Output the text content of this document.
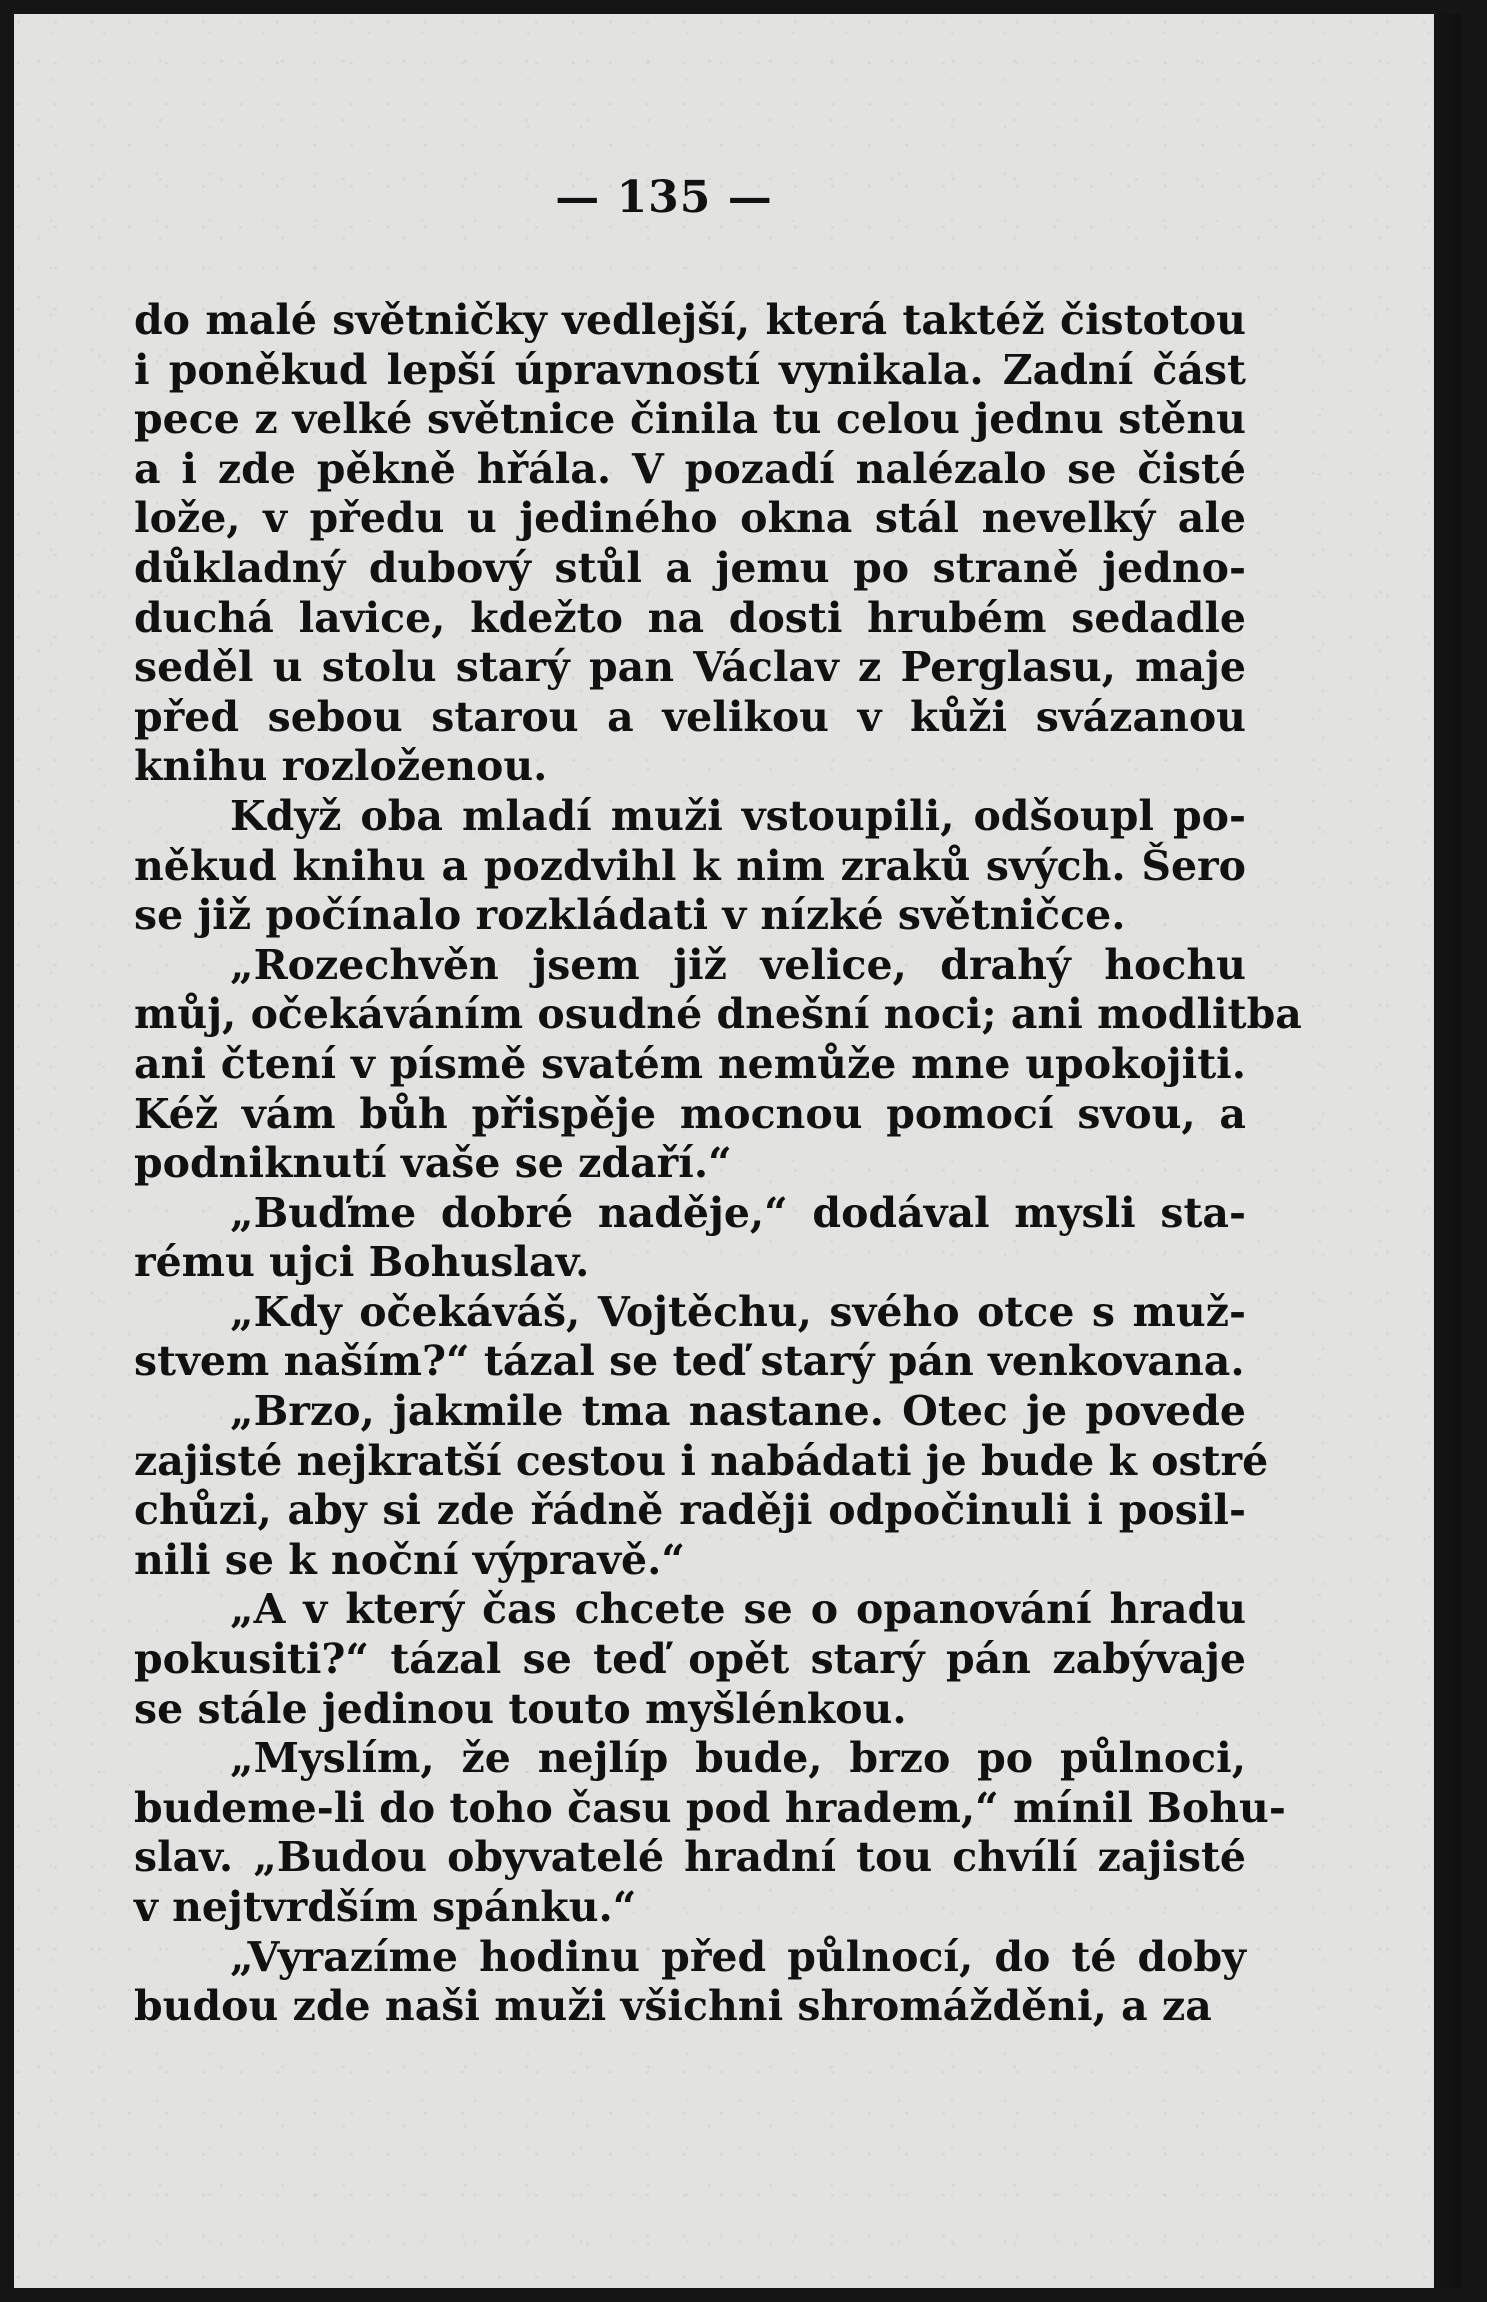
— 135 —
do malé světničky vedlejší, která taktéž čistotou
i poněkud lepší úpravností vynikala. Zadní část
pece z velké světnice činila tu celou jednu stěnu
a i zde pěkně hřála. V pozadí nalézalo se čisté
lože, v předu u jediného okna stál nevelký ale
důkladný dubový stůl a jemu po straně jedno-
duchá lavice, kdežto na dosti hrubém sedadle
seděl u stolu starý pan Václav z Perglasu, maje
před sebou starou a velikou v kůži svázanou
knihu rozloženou.
Když oba mladí muži vstoupili, odšoupl po-
někud knihu a pozdvihl k nim zraků svých. Šero
se již počínalo rozkládati v nízké světničce.
„Rozechvěn jsem již velice, drahý hochu
můj, očekáváním osudné dnešní noci; ani modlitba
ani čtení v písmě svatém nemůže mne upokojiti.
Kéž vám bůh přispěje mocnou pomocí svou, a
podniknutí vaše se zdaří.“
„Buďme dobré naděje,“ dodával mysli sta-
rému ujci Bohuslav.
„Kdy očekáváš, Vojtěchu, svého otce s muž-
stvem naším?“ tázal se teď starý pán venkovana.
„Brzo, jakmile tma nastane. Otec je povede
zajisté nejkratší cestou i nabádati je bude k ostré
chůzi, aby si zde řádně raději odpočinuli i posil-
nili se k noční výpravě.“
„A v který čas chcete se o opanování hradu
pokusiti?“ tázal se teď opět starý pán zabývaje
se stále jedinou touto myšlénkou.
„Myslím, že nejlíp bude, brzo po půlnoci,
budeme-li do toho času pod hradem,“ mínil Bohu-
slav. „Budou obyvatelé hradní tou chvílí zajisté
v nejtvrdším spánku.“
„Vyrazíme hodinu před půlnocí, do té doby
budou zde naši muži všichni shromážděni, a za
